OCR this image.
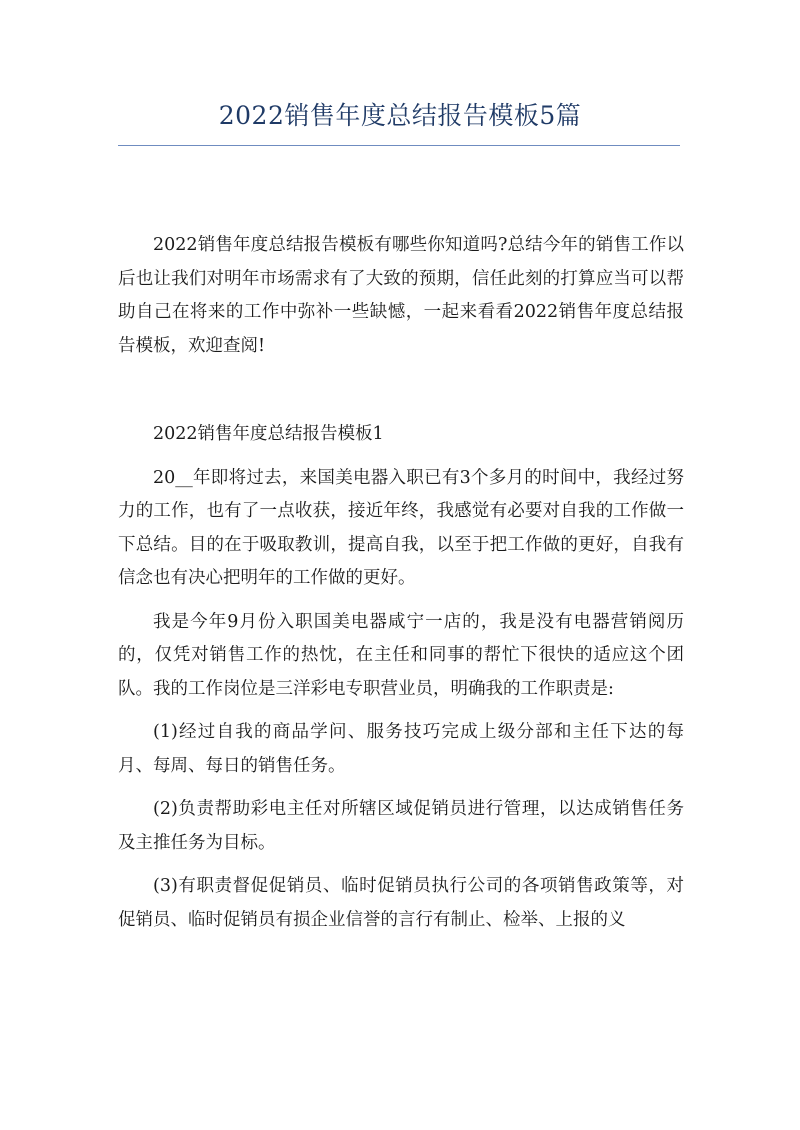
2022销售年度总结报告模板5篇

2022销售年度总结报告模板有哪些你知道吗?总结今年的销售工作以后也让我们对明年市场需求有了大致的预期，信任此刻的打算应当可以帮助自己在将来的工作中弥补一些缺憾，一起来看看2022销售年度总结报告模板，欢迎查阅!

2022销售年度总结报告模板1

20__年即将过去，来国美电器入职已有3个多月的时间中，我经过努力的工作，也有了一点收获，接近年终，我感觉有必要对自我的工作做一下总结。目的在于吸取教训，提高自我，以至于把工作做的更好，自我有信念也有决心把明年的工作做的更好。

我是今年9月份入职国美电器咸宁一店的，我是没有电器营销阅历的，仅凭对销售工作的热忱，在主任和同事的帮忙下很快的适应这个团队。我的工作岗位是三洋彩电专职营业员，明确我的工作职责是:

(1)经过自我的商品学问、服务技巧完成上级分部和主任下达的每月、每周、每日的销售任务。

(2)负责帮助彩电主任对所辖区域促销员进行管理，以达成销售任务及主推任务为目标。

(3)有职责督促促销员、临时促销员执行公司的各项销售政策等，对促销员、临时促销员有损企业信誉的言行有制止、检举、上报的义
